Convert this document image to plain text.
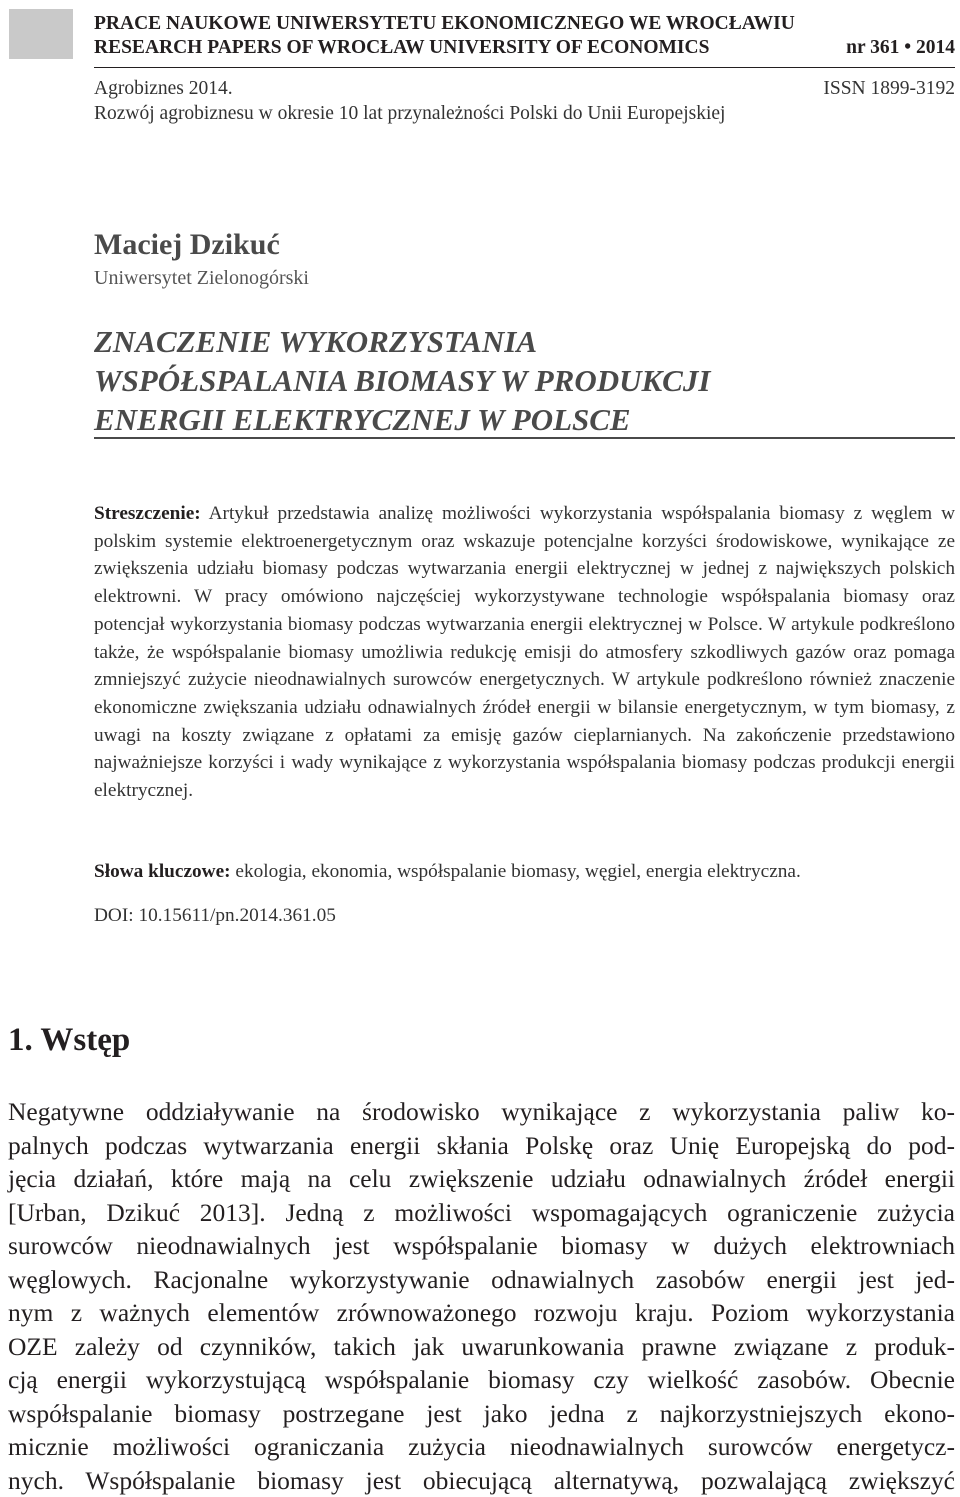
PRACE NAUKOWE UNIWERSYTETU EKONOMICZNEGO WE WROCŁAWIU
RESEARCH PAPERS OF WROCŁAW UNIVERSITY OF ECONOMICS	nr 361 • 2014
Agrobiznes 2014.	ISSN 1899-3192
Rozwój agrobiznesu w okresie 10 lat przynależności Polski do Unii Europejskiej
Maciej Dzikuć
Uniwersytet Zielonogórski
ZNACZENIE WYKORZYSTANIA
WSPÓŁSPALANIA BIOMASY W PRODUKCJI
ENERGII ELEKTRYCZNEJ W POLSCE
Streszczenie: Artykuł przedstawia analizę możliwości wykorzystania współspalania biomasy z węglem w polskim systemie elektroenergetycznym oraz wskazuje potencjalne korzyści środowiskowe, wynikające ze zwiększenia udziału biomasy podczas wytwarzania energii elektrycznej w jednej z największych polskich elektrowni. W pracy omówiono najczęściej wykorzystywane technologie współspalania biomasy oraz potencjał wykorzystania biomasy podczas wytwarzania energii elektrycznej w Polsce. W artykule podkreślono także, że współspalanie biomasy umożliwia redukcję emisji do atmosfery szkodliwych gazów oraz pomaga zmniejszyć zużycie nieodnawialnych surowców energetycznych. W artykule podkreślono również znaczenie ekonomiczne zwiększania udziału odnawialnych źródeł energii w bilansie energetycznym, w tym biomasy, z uwagi na koszty związane z opłatami za emisję gazów cieplarnianych. Na zakończenie przedstawiono najważniejsze korzyści i wady wynikające z wykorzystania współspalania biomasy podczas produkcji energii elektrycznej.
Słowa kluczowe: ekologia, ekonomia, współspalanie biomasy, węgiel, energia elektryczna.
DOI: 10.15611/pn.2014.361.05
1. Wstęp
Negatywne oddziaływanie na środowisko wynikające z wykorzystania paliw ko-
palnych podczas wytwarzania energii skłania Polskę oraz Unię Europejską do pod-
jęcia działań, które mają na celu zwiększenie udziału odnawialnych źródeł energii
[Urban, Dzikuć 2013]. Jedną z możliwości wspomagających ograniczenie zużycia
surowców nieodnawialnych jest współspalanie biomasy w dużych elektrowniach
węglowych. Racjonalne wykorzystywanie odnawialnych zasobów energii jest jed-
nym z ważnych elementów zrównoważonego rozwoju kraju. Poziom wykorzystania
OZE zależy od czynników, takich jak uwarunkowania prawne związane z produk-
cją energii wykorzystującą współspalanie biomasy czy wielkość zasobów. Obecnie
współspalanie biomasy postrzegane jest jako jedna z najkorzystniejszych ekono-
micznie możliwości ograniczania zużycia nieodnawialnych surowców energetycz-
nych. Współspalanie biomasy jest obiecującą alternatywą, pozwalającą zwiększyć
